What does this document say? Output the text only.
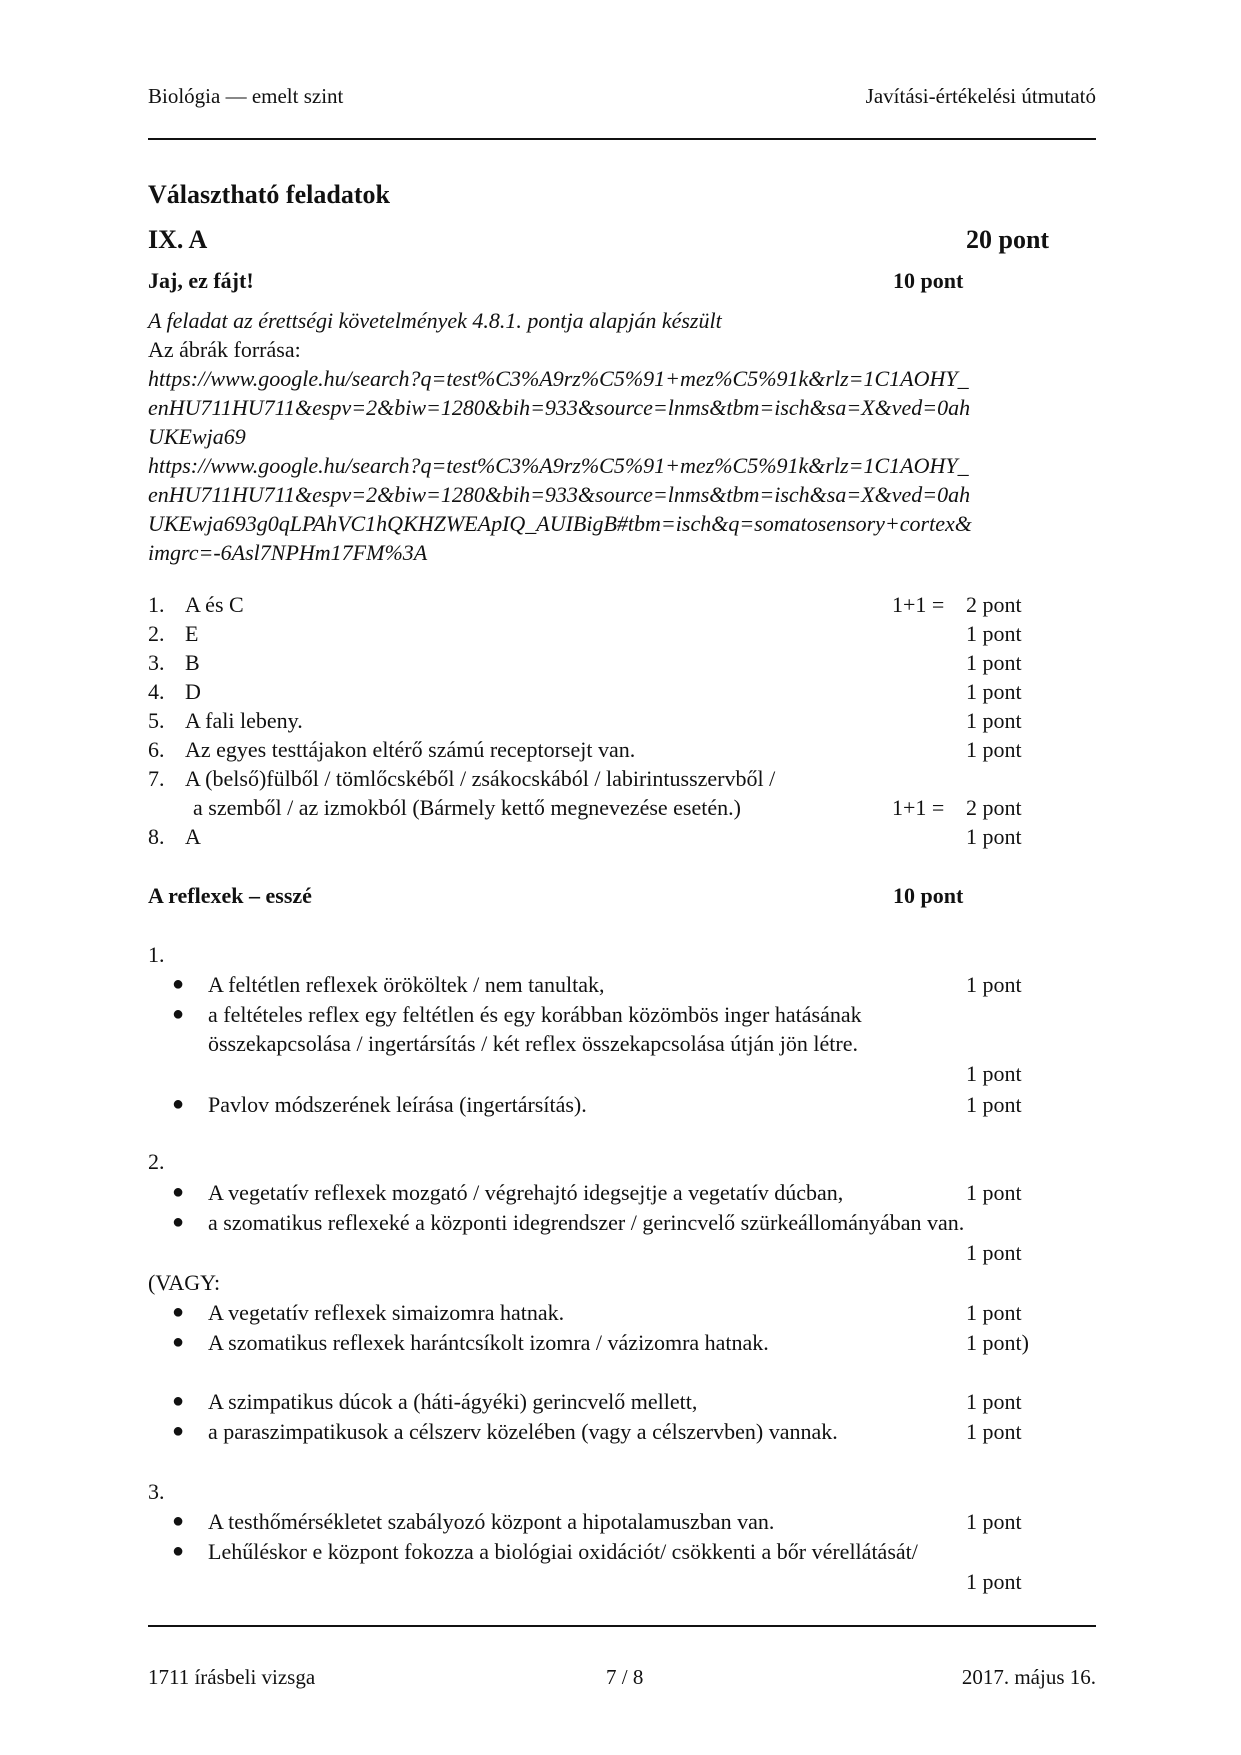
Biológia — emelt szint	Javítási-értékelési útmutató
Választható feladatok
IX. A	20 pont
Jaj, ez fájt!	10 pont
A feladat az érettségi követelmények 4.8.1. pontja alapján készült
Az ábrák forrása:
https://www.google.hu/search?q=test%C3%A9rz%C5%91+mez%C5%91k&rlz=1C1AOHY_
enHU711HU711&espv=2&biw=1280&bih=933&source=lnms&tbm=isch&sa=X&ved=0ah
UKEwja69
https://www.google.hu/search?q=test%C3%A9rz%C5%91+mez%C5%91k&rlz=1C1AOHY_
enHU711HU711&espv=2&biw=1280&bih=933&source=lnms&tbm=isch&sa=X&ved=0ah
UKEwja693g0qLPAhVC1hQKHZWEApIQ_AUIBigB#tbm=isch&q=somatosensory+cortex&
imgrc=-6Asl7NPHm17FM%3A
1. A és C	1+1 = 2 pont
2. E	1 pont
3. B	1 pont
4. D	1 pont
5. A fali lebeny.	1 pont
6. Az egyes testtájakon eltérő számú receptorsejt van.	1 pont
7. A (belső)fülből / tömlőcskéből / zsákocskából / labirintusszervből /
a szemből / az izmokból (Bármely kettő megnevezése esetén.)	1+1 = 2 pont
8. A	1 pont
A reflexek – esszé	10 pont
1.
● A feltétlen reflexek örököltek / nem tanultak,	1 pont
● a feltételes reflex egy feltétlen és egy korábban közömbös inger hatásának
összekapcsolása / ingertársítás / két reflex összekapcsolása útján jön létre.
1 pont
● Pavlov módszerének leírása (ingertársítás).	1 pont
2.
● A vegetatív reflexek mozgató / végrehajtó idegsejtje a vegetatív dúcban,	1 pont
● a szomatikus reflexeké a központi idegrendszer / gerincvelő szürkeállományában van.
1 pont
(VAGY:
● A vegetatív reflexek simaizomra hatnak.	1 pont
● A szomatikus reflexek harántcsíkolt izomra / vázizomra hatnak.	1 pont)
● A szimpatikus dúcok a (háti-ágyéki) gerincvelő mellett,	1 pont
● a paraszimpatikusok a célszerv közelében (vagy a célszervben) vannak.	1 pont
3.
● A testhőmérsékletet szabályozó központ a hipotalamuszban van.	1 pont
● Lehűléskor e központ fokozza a biológiai oxidációt/ csökkenti a bőr vérellátását/
1 pont
1711 írásbeli vizsga	7 / 8	2017. május 16.
